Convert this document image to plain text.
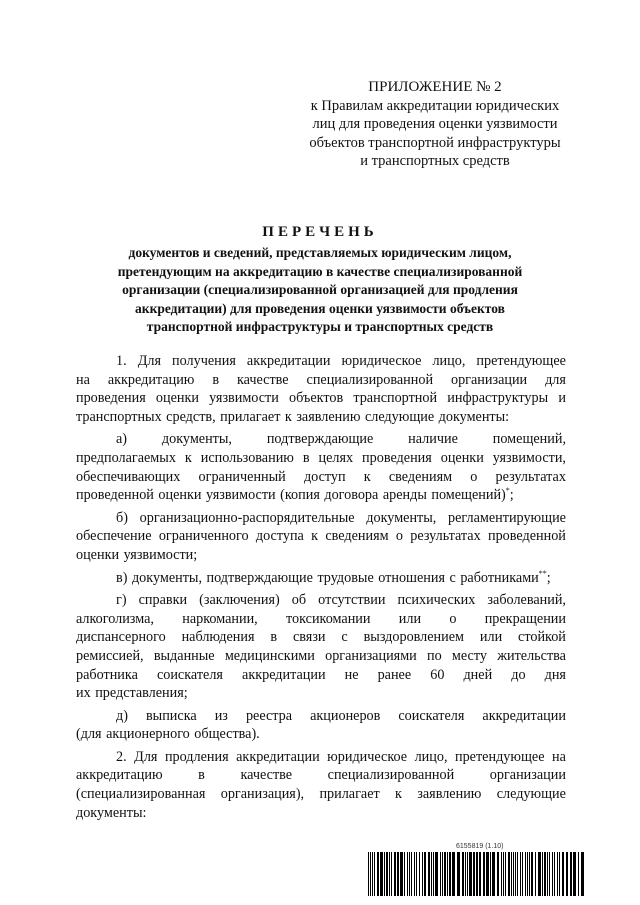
ПРИЛОЖЕНИЕ № 2
к Правилам аккредитации юридических
лиц для проведения оценки уязвимости
объектов транспортной инфраструктуры
и транспортных средств
ПЕРЕЧЕНЬ
документов и сведений, представляемых юридическим лицом,
претендующим на аккредитацию в качестве специализированной
организации (специализированной организацией для продления
аккредитации) для проведения оценки уязвимости объектов
транспортной инфраструктуры и транспортных средств
1. Для получения аккредитации юридическое лицо, претендующее
на аккредитацию в качестве специализированной организации для
проведения оценки уязвимости объектов транспортной инфраструктуры и
транспортных средств, прилагает к заявлению следующие документы:
а) документы, подтверждающие наличие помещений,
предполагаемых к использованию в целях проведения оценки уязвимости,
обеспечивающих ограниченный доступ к сведениям о результатах
проведенной оценки уязвимости (копия договора аренды помещений)*;
б) организационно-распорядительные документы, регламентирующие
обеспечение ограниченного доступа к сведениям о результатах проведенной
оценки уязвимости;
в) документы, подтверждающие трудовые отношения с работниками**;
г) справки (заключения) об отсутствии психических заболеваний,
алкоголизма, наркомании, токсикомании или о прекращении
диспансерного наблюдения в связи с выздоровлением или стойкой
ремиссией, выданные медицинскими организациями по месту жительства
работника соискателя аккредитации не ранее 60 дней до дня
их представления;
д) выписка из реестра акционеров соискателя аккредитации
(для акционерного общества).
2. Для продления аккредитации юридическое лицо, претендующее на
аккредитацию	в	качестве	специализированной	организации
(специализированная организация), прилагает к заявлению следующие
документы:
6155819 (1.10)
